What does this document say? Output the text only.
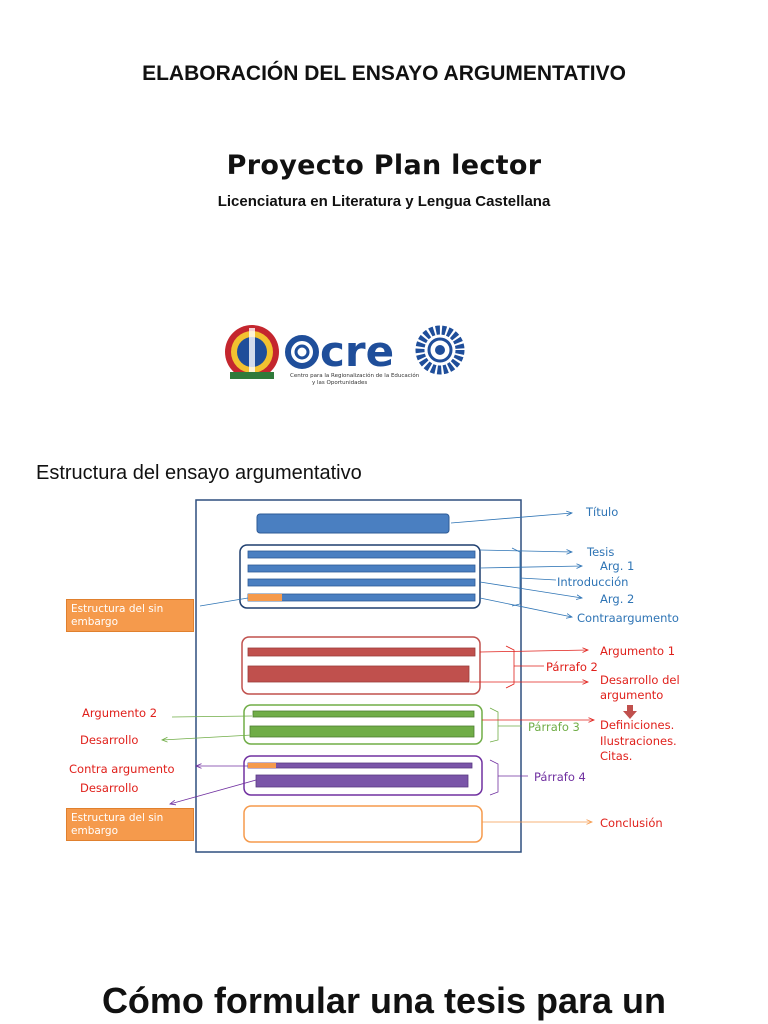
ELABORACIÓN DEL ENSAYO ARGUMENTATIVO
Proyecto Plan lector
Licenciatura en Literatura y Lengua Castellana
cre
Centro para la Regionalización de la Educación
y las Oportunidades
Estructura del ensayo argumentativo
Estructura del sin
embargo
Estructura del sin
embargo
Título
Tesis
Arg. 1
Introducción
Arg. 2
Contraargumento
Argumento 1
Párrafo 2
Desarrollo del
argumento
Definiciones.
Ilustraciones.
Citas.
Argumento 2
Desarrollo
Párrafo 3
Contra argumento
Desarrollo
Párrafo 4
Conclusión
Cómo formular una tesis para un
